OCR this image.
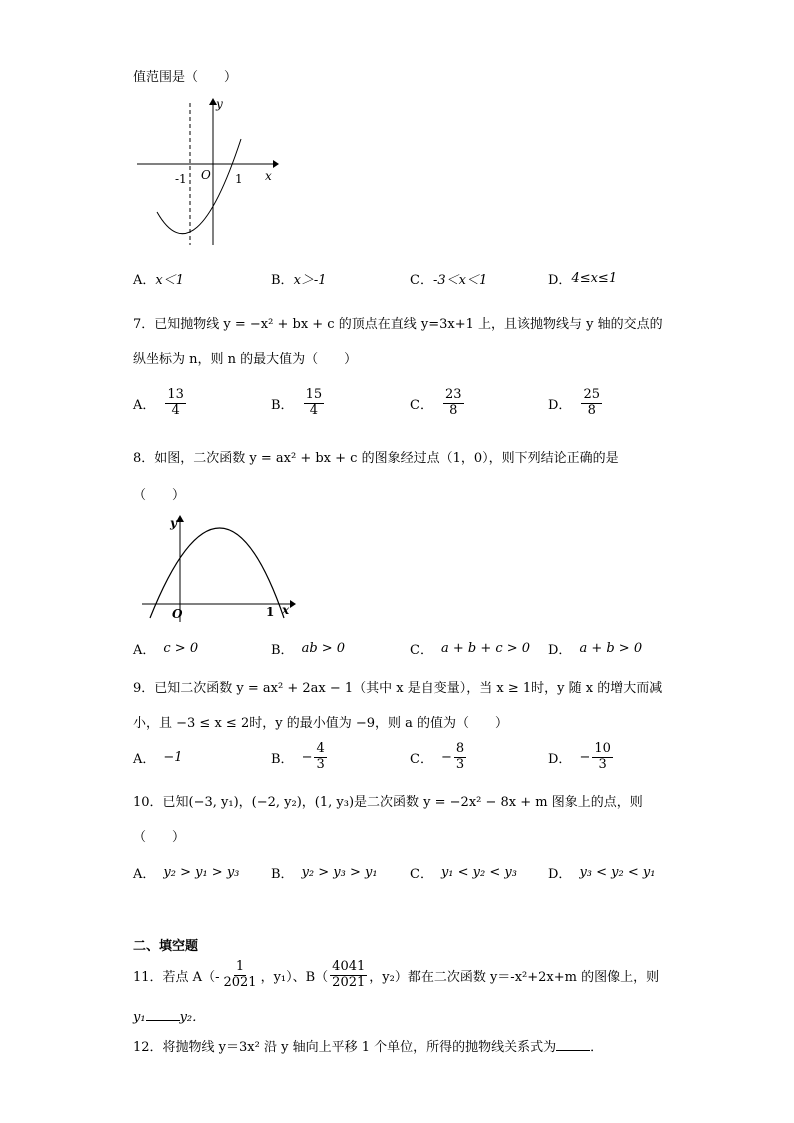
值范围是（　　）
y
x
O
-1	1
A． x＜1	B． x＞-1	C． -3＜x＜1	D． 4≤x≤1
7．已知抛物线 y = −x² + bx + c 的顶点在直线 y=3x+1 上，且该抛物线与 y 轴的交点的
纵坐标为 n，则 n 的最大值为（　　）
A． $\frac{13}{4}$	B． $\frac{15}{4}$	C． $\frac{23}{8}$	D． $\frac{25}{8}$
8．如图，二次函数 y = ax² + bx + c 的图象经过点（1，0），则下列结论正确的是
（　　）
y
x
O	1
A． c > 0	B． ab > 0	C． a + b + c > 0 D． a + b > 0
9．已知二次函数 y = ax² + 2ax − 1（其中 x 是自变量），当 x ≥ 1时，y 随 x 的增大而减
小，且 −3 ≤ x ≤ 2时，y 的最小值为 −9，则 a 的值为（　　）
A． −1	B． − $\frac{4}{3}$	C． − $\frac{8}{3}$	D． − $\frac{10}{3}$
10．已知(−3, y₁)，(−2, y₂)，(1, y₃)是二次函数 y = −2x² − 8x + m 图象上的点，则
（　　）
A． y₂ > y₁ > y₃ B． y₂ > y₃ > y₁ C． y₁ < y₂ < y₃ D． y₃ < y₂ < y₁
二、填空题
11．若点 $A(- \frac{1}{2021}$ ，y₁）、$B( \frac{4041}{2021}$ ，y₂）都在二次函数 y＝-x²+2x+m 的图像上，则
y₁	y₂．
12．将抛物线 y＝3x² 沿 y 轴向上平移 1 个单位，所得的抛物线关系式为	．
